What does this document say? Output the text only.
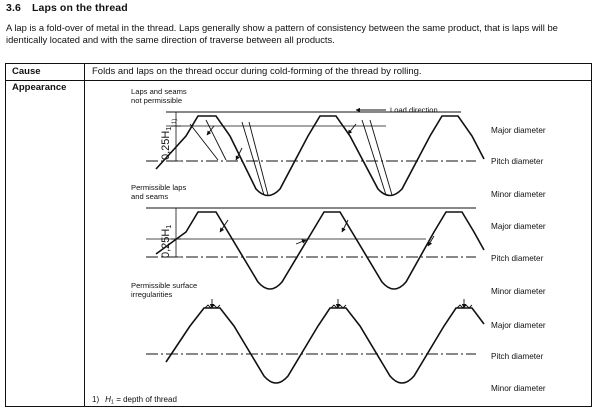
3.6 Laps on the thread

A lap is a fold-over of metal in the thread. Laps generally show a pattern of consistency between the same product, that is laps will be identically located and with the same direction of traverse between all products.

Cause	Folds and laps on the thread occur during cold-forming of the thread by rolling.
Appearance	Laps and seams
not permissible
Load direction
0,25H1
1)
Permissible laps
and seams
0,25H1
Permissible surface
irregularities
Major diameter
Pitch diameter
Minor diameter
Major diameter
Pitch diameter
Minor diameter
Major diameter
Pitch diameter
Minor diameter
1) H1 = depth of thread
